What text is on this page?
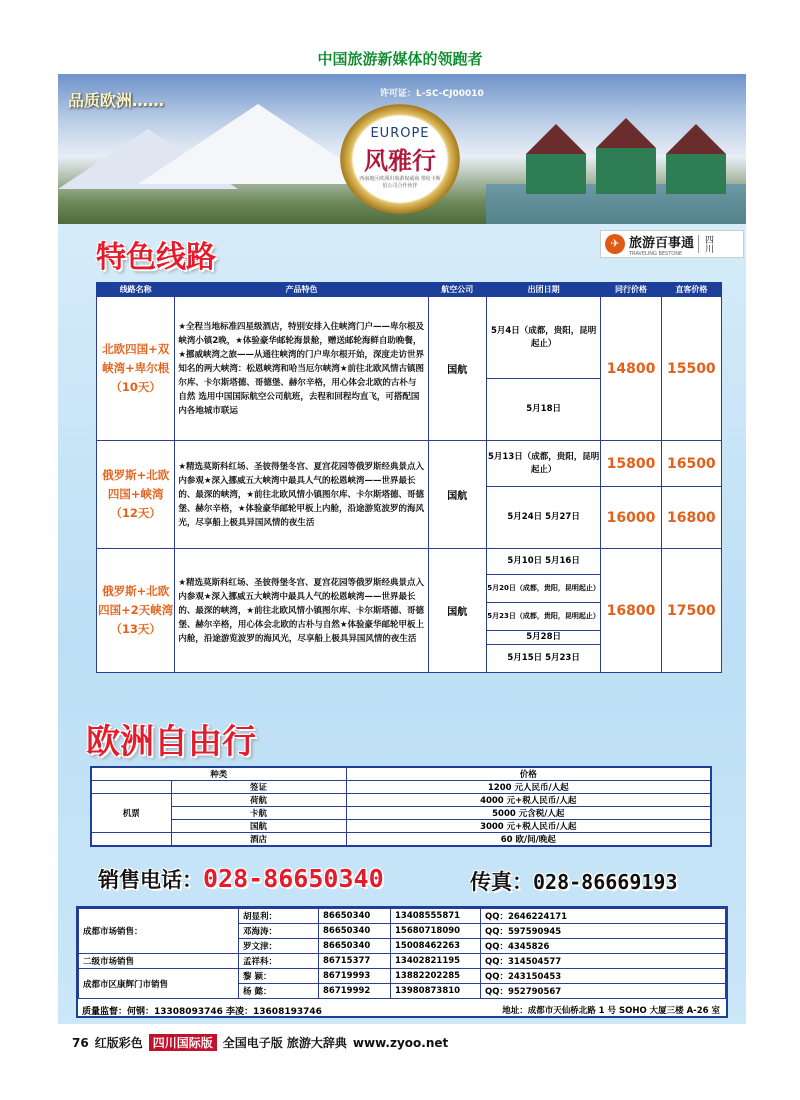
中国旅游新媒体的领跑者
品质欧洲……	许可证：L-SC-CJ00010
EUROPE
风雅行
西南地区欧洲出境游权威商 带给卡斯伯公司合作伙伴
特色线路	✈ 旅游百事通
TRAVELING BESTONE
四川
线路名称	产品特色	航空公司	出团日期	同行价格	直客价格
北欧四国+双峡湾+卑尔根（10天）	★全程当地标准四星级酒店，特别安排入住峡湾门户——卑尔根及峡湾小镇2晚，★体验豪华邮轮海景舱，赠送邮轮海鲜自助晚餐，★挪威峡湾之旅——从通往峡湾的门户卑尔根开始，深度走访世界知名的两大峡湾：松恩峡湾和哈当厄尔峡湾★前往北欧风情古镇图尔库、卡尔斯塔德、哥德堡、赫尔辛格，用心体会北欧的古朴与自然 选用中国国际航空公司航班，去程和回程均直飞，可搭配国内各地城市联运	国航	5月4日（成都，贵阳，昆明起止）	14800	15500
			5月18日		
俄罗斯+北欧四国+峡湾（12天）	★精选莫斯科红场、圣彼得堡冬宫、夏宫花园等俄罗斯经典景点入内参观★深入挪威五大峡湾中最具人气的松恩峡湾——世界最长的、最深的峡湾，★前往北欧风情小镇图尔库、卡尔斯塔德、哥德堡、赫尔辛格，★体验豪华邮轮甲板上内舱，沿途游览波罗的海风光，尽享船上极具异国风情的夜生活	国航	5月13日（成都，贵阳，昆明起止）	15800	16500
			5月24日 5月27日	16000	16800
俄罗斯+北欧四国+2天峡湾（13天）	★精选莫斯科红场、圣彼得堡冬宫、夏宫花园等俄罗斯经典景点入内参观★深入挪威五大峡湾中最具人气的松恩峡湾——世界最长的、最深的峡湾，★前往北欧风情小镇图尔库、卡尔斯塔德、哥德堡、赫尔辛格，用心体会北欧的古朴与自然★体验豪华邮轮甲板上内舱，沿途游览波罗的海风光，尽享船上极具异国风情的夜生活	国航	5月10日 5月16日	16800	17500
			5月20日（成都，贵阳，昆明起止）		
			5月23日（成都，贵阳，昆明起止）		
			5月28日		
			5月15日 5月23日		
欧洲自由行
种类		价格
	签证	1200 元人民币/人起
机票	荷航	4000 元+税人民币/人起
	卡航	5000 元含税/人起
	国航	3000 元+税人民币/人起
	酒店	60 欧/间/晚起
销售电话：028-86650340	传真：028-86669193
成都市场销售：	胡显利：	86650340	13408555871	QQ：2646224171
	邓海涛：	86650340	15680718090	QQ：597590945
	罗文津：	86650340	15008462263	QQ：4345826
二级市场销售	孟祥科：	86715377	13402821195	QQ：314504577
成都市区康辉门市销售	黎 颖：	86719993	13882202285	QQ：243150453
	杨 懿：	86719992	13980873810	QQ：952790567
质量监督：何钢：13308093746 李凌：13608193746	地址：成都市天仙桥北路 1 号 SOHO 大厦三楼 A-26 室
76 红版彩色 四川国际版 全国电子版 旅游大辞典 www.zyoo.net
